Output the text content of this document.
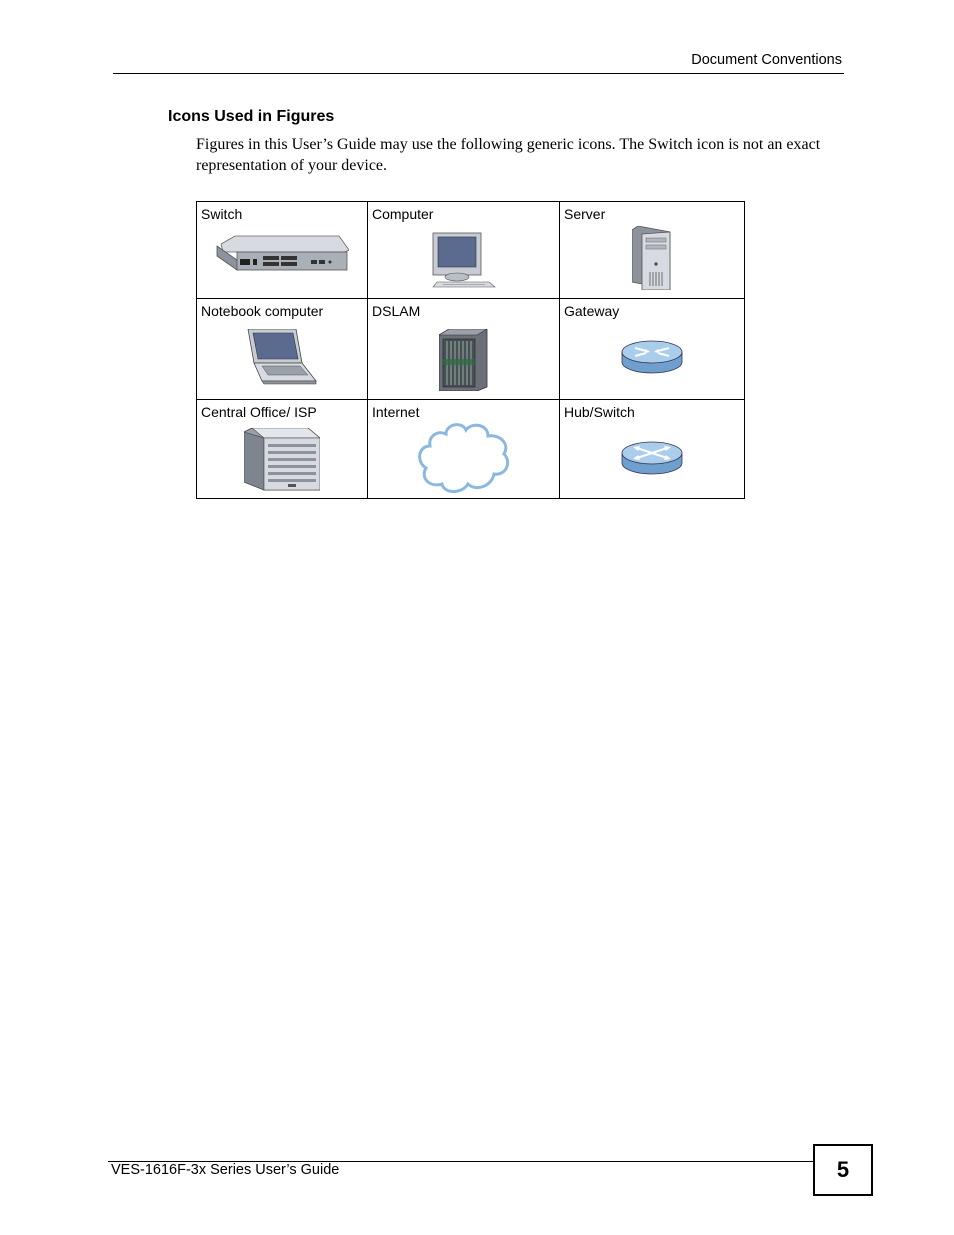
Document Conventions
Icons Used in Figures

Figures in this User’s Guide may use the following generic icons. The Switch icon is not an exact representation of your device.

Switch	Computer	Server

Notebook computer	DSLAM	Gateway

Central Office/ ISP	Internet	Hub/Switch
VES-1616F-3x Series User’s Guide	5
